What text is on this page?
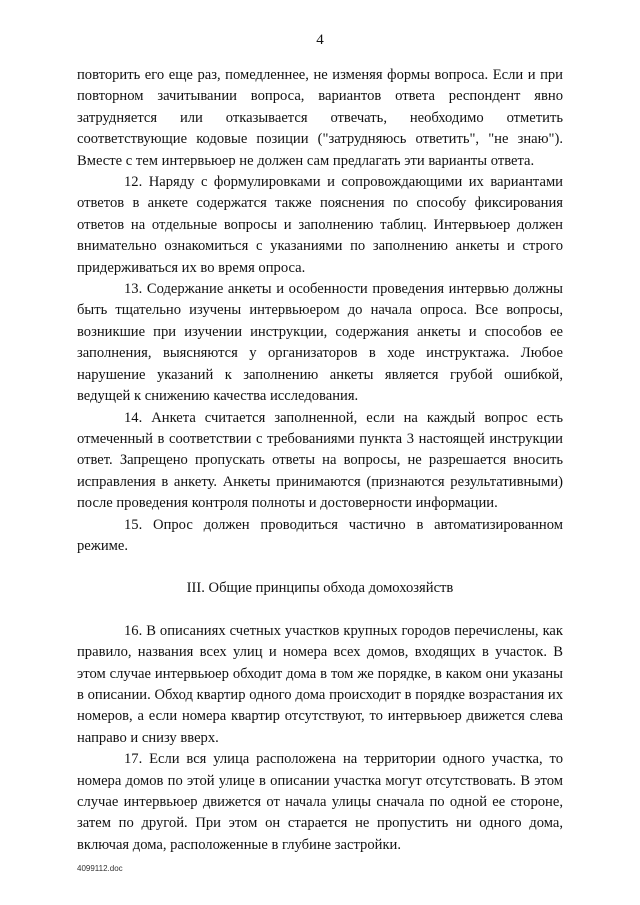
4

повторить его еще раз, помедленнее, не изменяя формы вопроса. Если и при повторном зачитывании вопроса, вариантов ответа респондент явно затрудняется или отказывается отвечать, необходимо отметить соответствующие кодовые позиции ("затрудняюсь ответить", "не знаю"). Вместе с тем интервьюер не должен сам предлагать эти варианты ответа.

12. Наряду с формулировками и сопровождающими их вариантами ответов в анкете содержатся также пояснения по способу фиксирования ответов на отдельные вопросы и заполнению таблиц. Интервьюер должен внимательно ознакомиться с указаниями по заполнению анкеты и строго придерживаться их во время опроса.

13. Содержание анкеты и особенности проведения интервью должны быть тщательно изучены интервьюером до начала опроса. Все вопросы, возникшие при изучении инструкции, содержания анкеты и способов ее заполнения, выясняются у организаторов в ходе инструктажа. Любое нарушение указаний к заполнению анкеты является грубой ошибкой, ведущей к снижению качества исследования.

14. Анкета считается заполненной, если на каждый вопрос есть отмеченный в соответствии с требованиями пункта 3 настоящей инструкции ответ. Запрещено пропускать ответы на вопросы, не разрешается вносить исправления в анкету. Анкеты принимаются (признаются результативными) после проведения контроля полноты и достоверности информации.

15. Опрос должен проводиться частично в автоматизированном режиме.

III. Общие принципы обхода домохозяйств

16. В описаниях счетных участков крупных городов перечислены, как правило, названия всех улиц и номера всех домов, входящих в участок. В этом случае интервьюер обходит дома в том же порядке, в каком они указаны в описании. Обход квартир одного дома происходит в порядке возрастания их номеров, а если номера квартир отсутствуют, то интервьюер движется слева направо и снизу вверх.

17. Если вся улица расположена на территории одного участка, то номера домов по этой улице в описании участка могут отсутствовать. В этом случае интервьюер движется от начала улицы сначала по одной ее стороне, затем по другой. При этом он старается не пропустить ни одного дома, включая дома, расположенные в глубине застройки.

4099112.doc
